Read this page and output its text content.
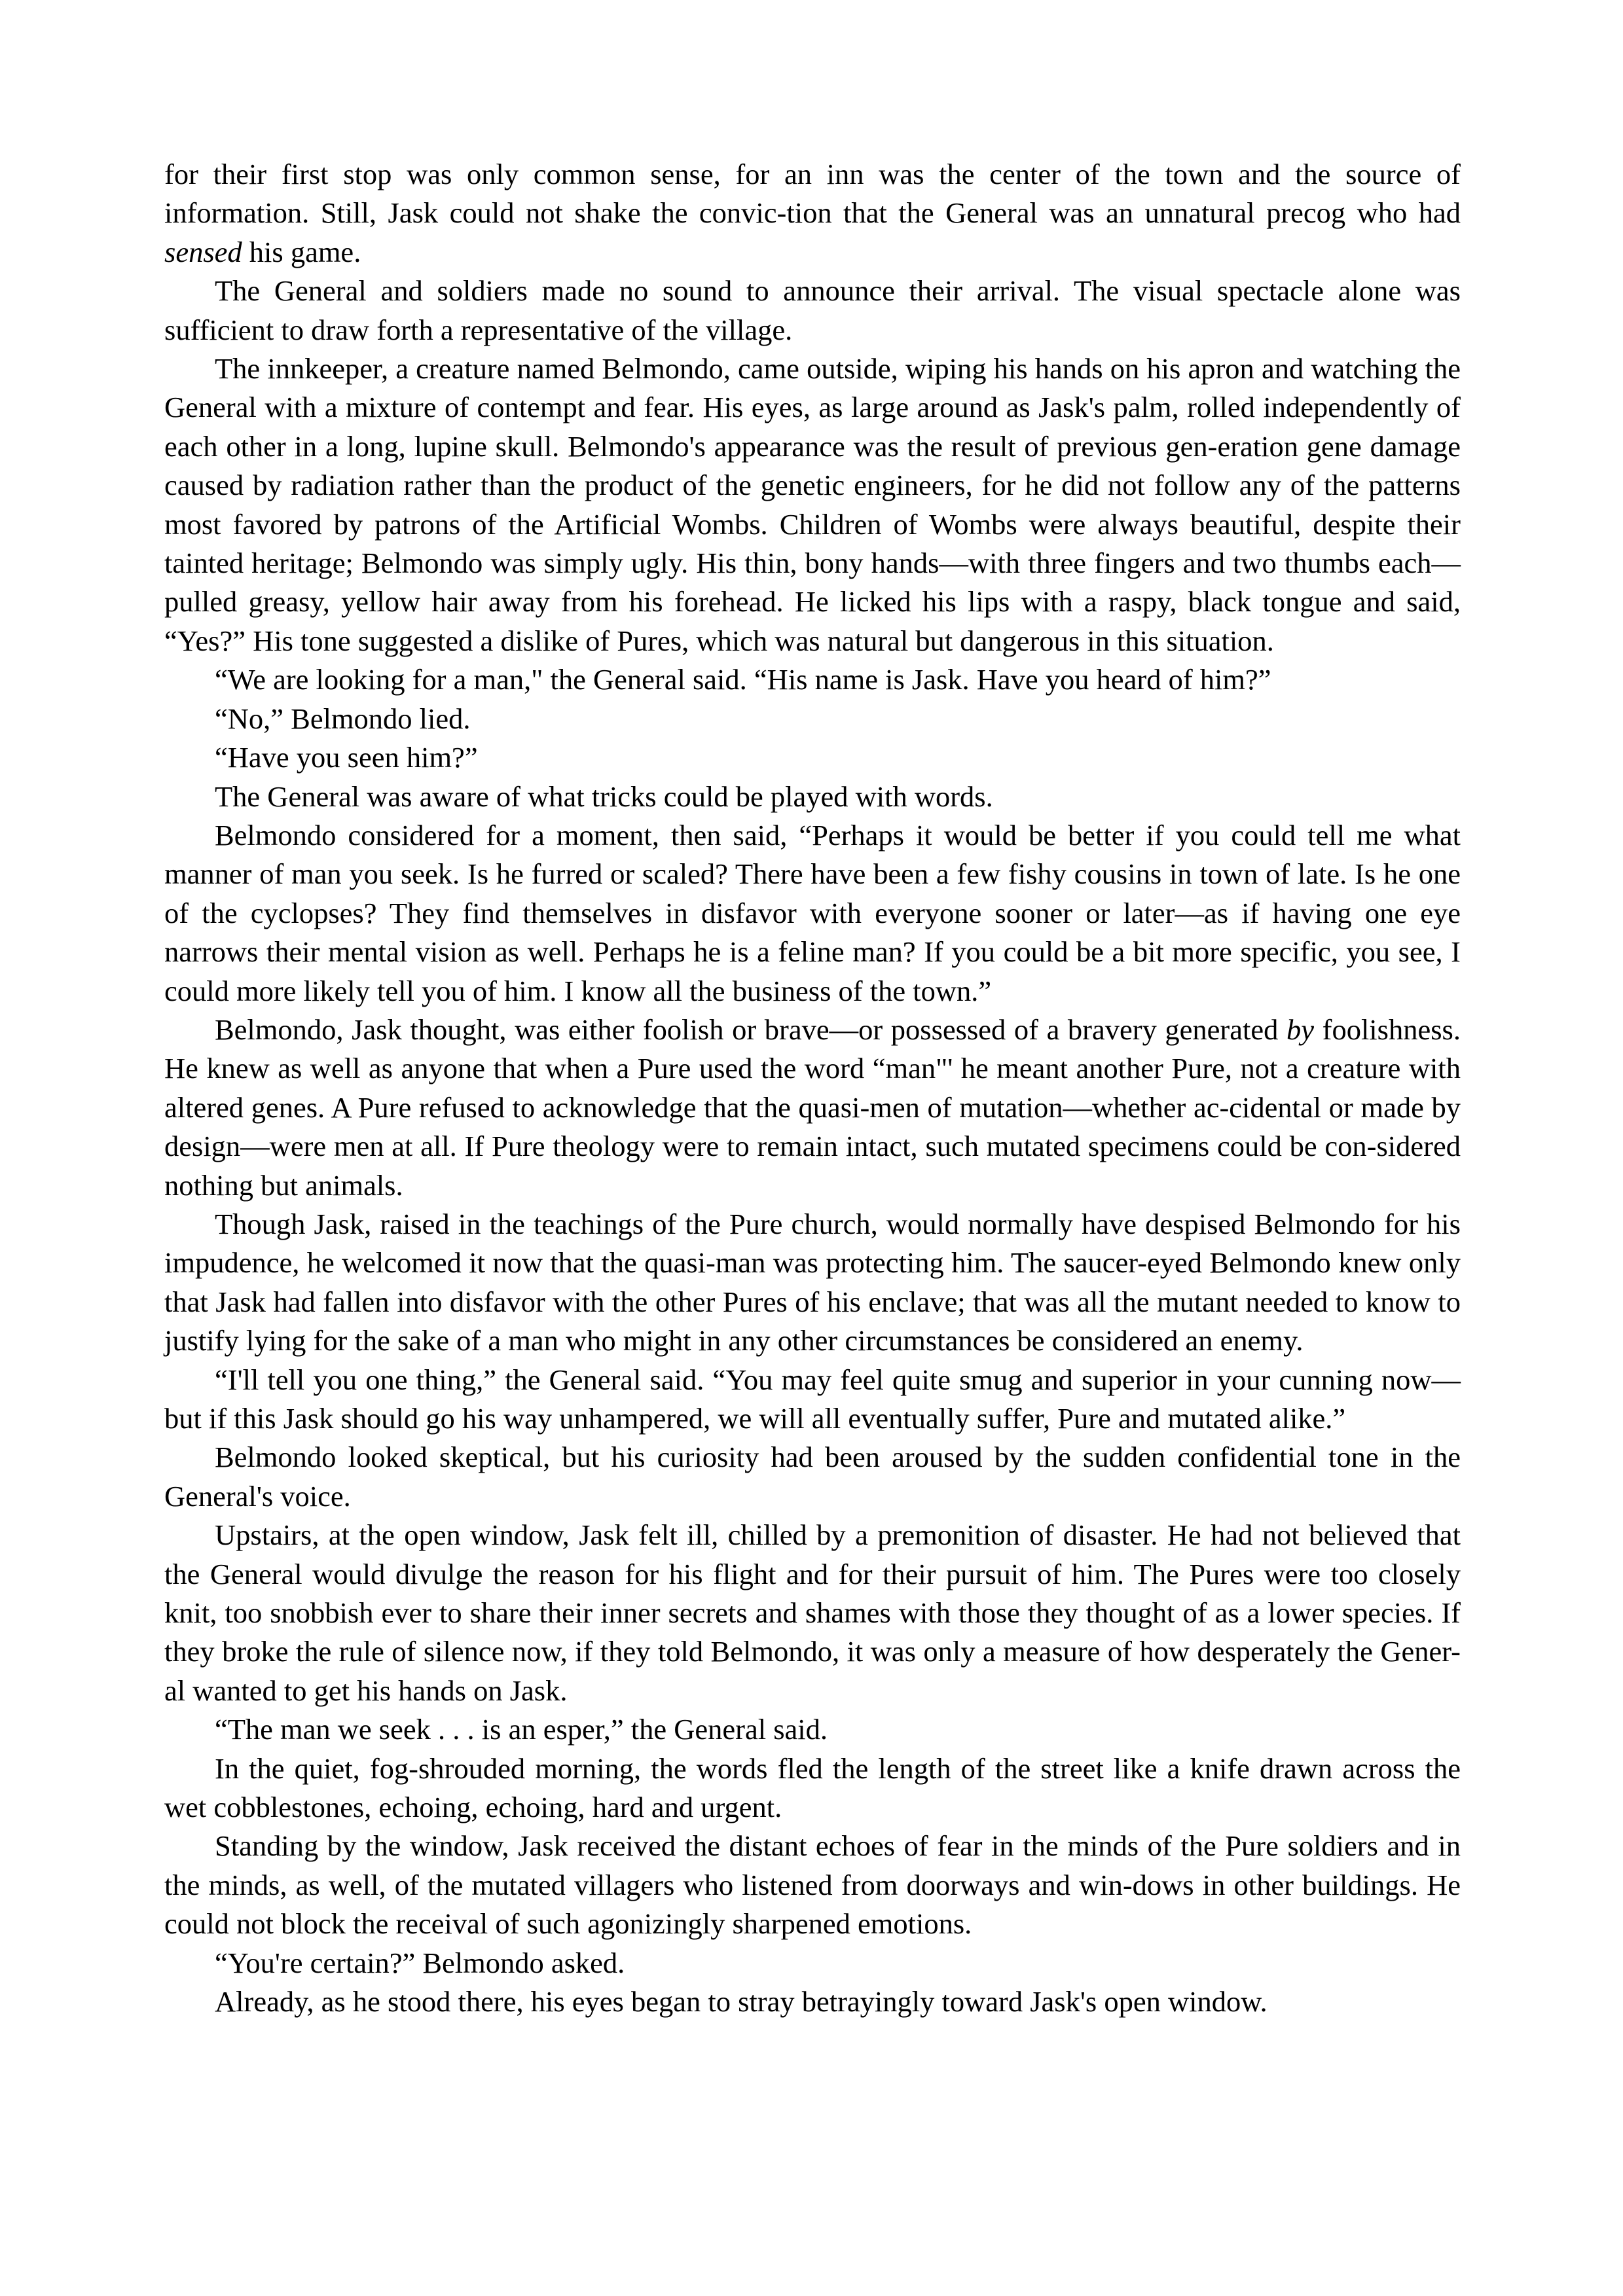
for their first stop was only common sense, for an inn was the center of the town and the source of information. Still, Jask could not shake the convic-tion that the General was an unnatural precog who had sensed his game.

The General and soldiers made no sound to announce their arrival. The visual spectacle alone was sufficient to draw forth a representative of the village.

The innkeeper, a creature named Belmondo, came outside, wiping his hands on his apron and watching the General with a mixture of contempt and fear. His eyes, as large around as Jask's palm, rolled independently of each other in a long, lupine skull. Belmondo's appearance was the result of previous gen-eration gene damage caused by radiation rather than the product of the genetic engineers, for he did not follow any of the patterns most favored by patrons of the Artificial Wombs. Children of Wombs were always beautiful, despite their tainted heritage; Belmondo was simply ugly. His thin, bony hands—with three fingers and two thumbs each—pulled greasy, yellow hair away from his forehead. He licked his lips with a raspy, black tongue and said, “Yes?” His tone suggested a dislike of Pures, which was natural but dangerous in this situation.

“We are looking for a man," the General said. “His name is Jask. Have you heard of him?”

“No,” Belmondo lied.

“Have you seen him?”

The General was aware of what tricks could be played with words.

Belmondo considered for a moment, then said, “Perhaps it would be better if you could tell me what manner of man you seek. Is he furred or scaled? There have been a few fishy cousins in town of late. Is he one of the cyclopses? They find themselves in disfavor with everyone sooner or later—as if having one eye narrows their mental vision as well. Perhaps he is a feline man? If you could be a bit more specific, you see, I could more likely tell you of him. I know all the business of the town.”

Belmondo, Jask thought, was either foolish or brave—or possessed of a bravery generated by foolishness. He knew as well as anyone that when a Pure used the word “man"' he meant another Pure, not a creature with altered genes. A Pure refused to acknowledge that the quasi-men of mutation—whether ac-cidental or made by design—were men at all. If Pure theology were to remain intact, such mutated specimens could be con-sidered nothing but animals.

Though Jask, raised in the teachings of the Pure church, would normally have despised Belmondo for his impudence, he welcomed it now that the quasi-man was protecting him. The saucer-eyed Belmondo knew only that Jask had fallen into disfavor with the other Pures of his enclave; that was all the mutant needed to know to justify lying for the sake of a man who might in any other circumstances be considered an enemy.

“I'll tell you one thing,” the General said. “You may feel quite smug and superior in your cunning now—but if this Jask should go his way unhampered, we will all eventually suffer, Pure and mutated alike.”

Belmondo looked skeptical, but his curiosity had been aroused by the sudden confidential tone in the General's voice.

Upstairs, at the open window, Jask felt ill, chilled by a premonition of disaster. He had not believed that the General would divulge the reason for his flight and for their pursuit of him. The Pures were too closely knit, too snobbish ever to share their inner secrets and shames with those they thought of as a lower species. If they broke the rule of silence now, if they told Belmondo, it was only a measure of how desperately the Gener-al wanted to get his hands on Jask.

“The man we seek . . . is an esper,” the General said.

In the quiet, fog-shrouded morning, the words fled the length of the street like a knife drawn across the wet cobblestones, echoing, echoing, hard and urgent.

Standing by the window, Jask received the distant echoes of fear in the minds of the Pure soldiers and in the minds, as well, of the mutated villagers who listened from doorways and win-dows in other buildings. He could not block the receival of such agonizingly sharpened emotions.

“You're certain?” Belmondo asked.

Already, as he stood there, his eyes began to stray betrayingly toward Jask's open window.
